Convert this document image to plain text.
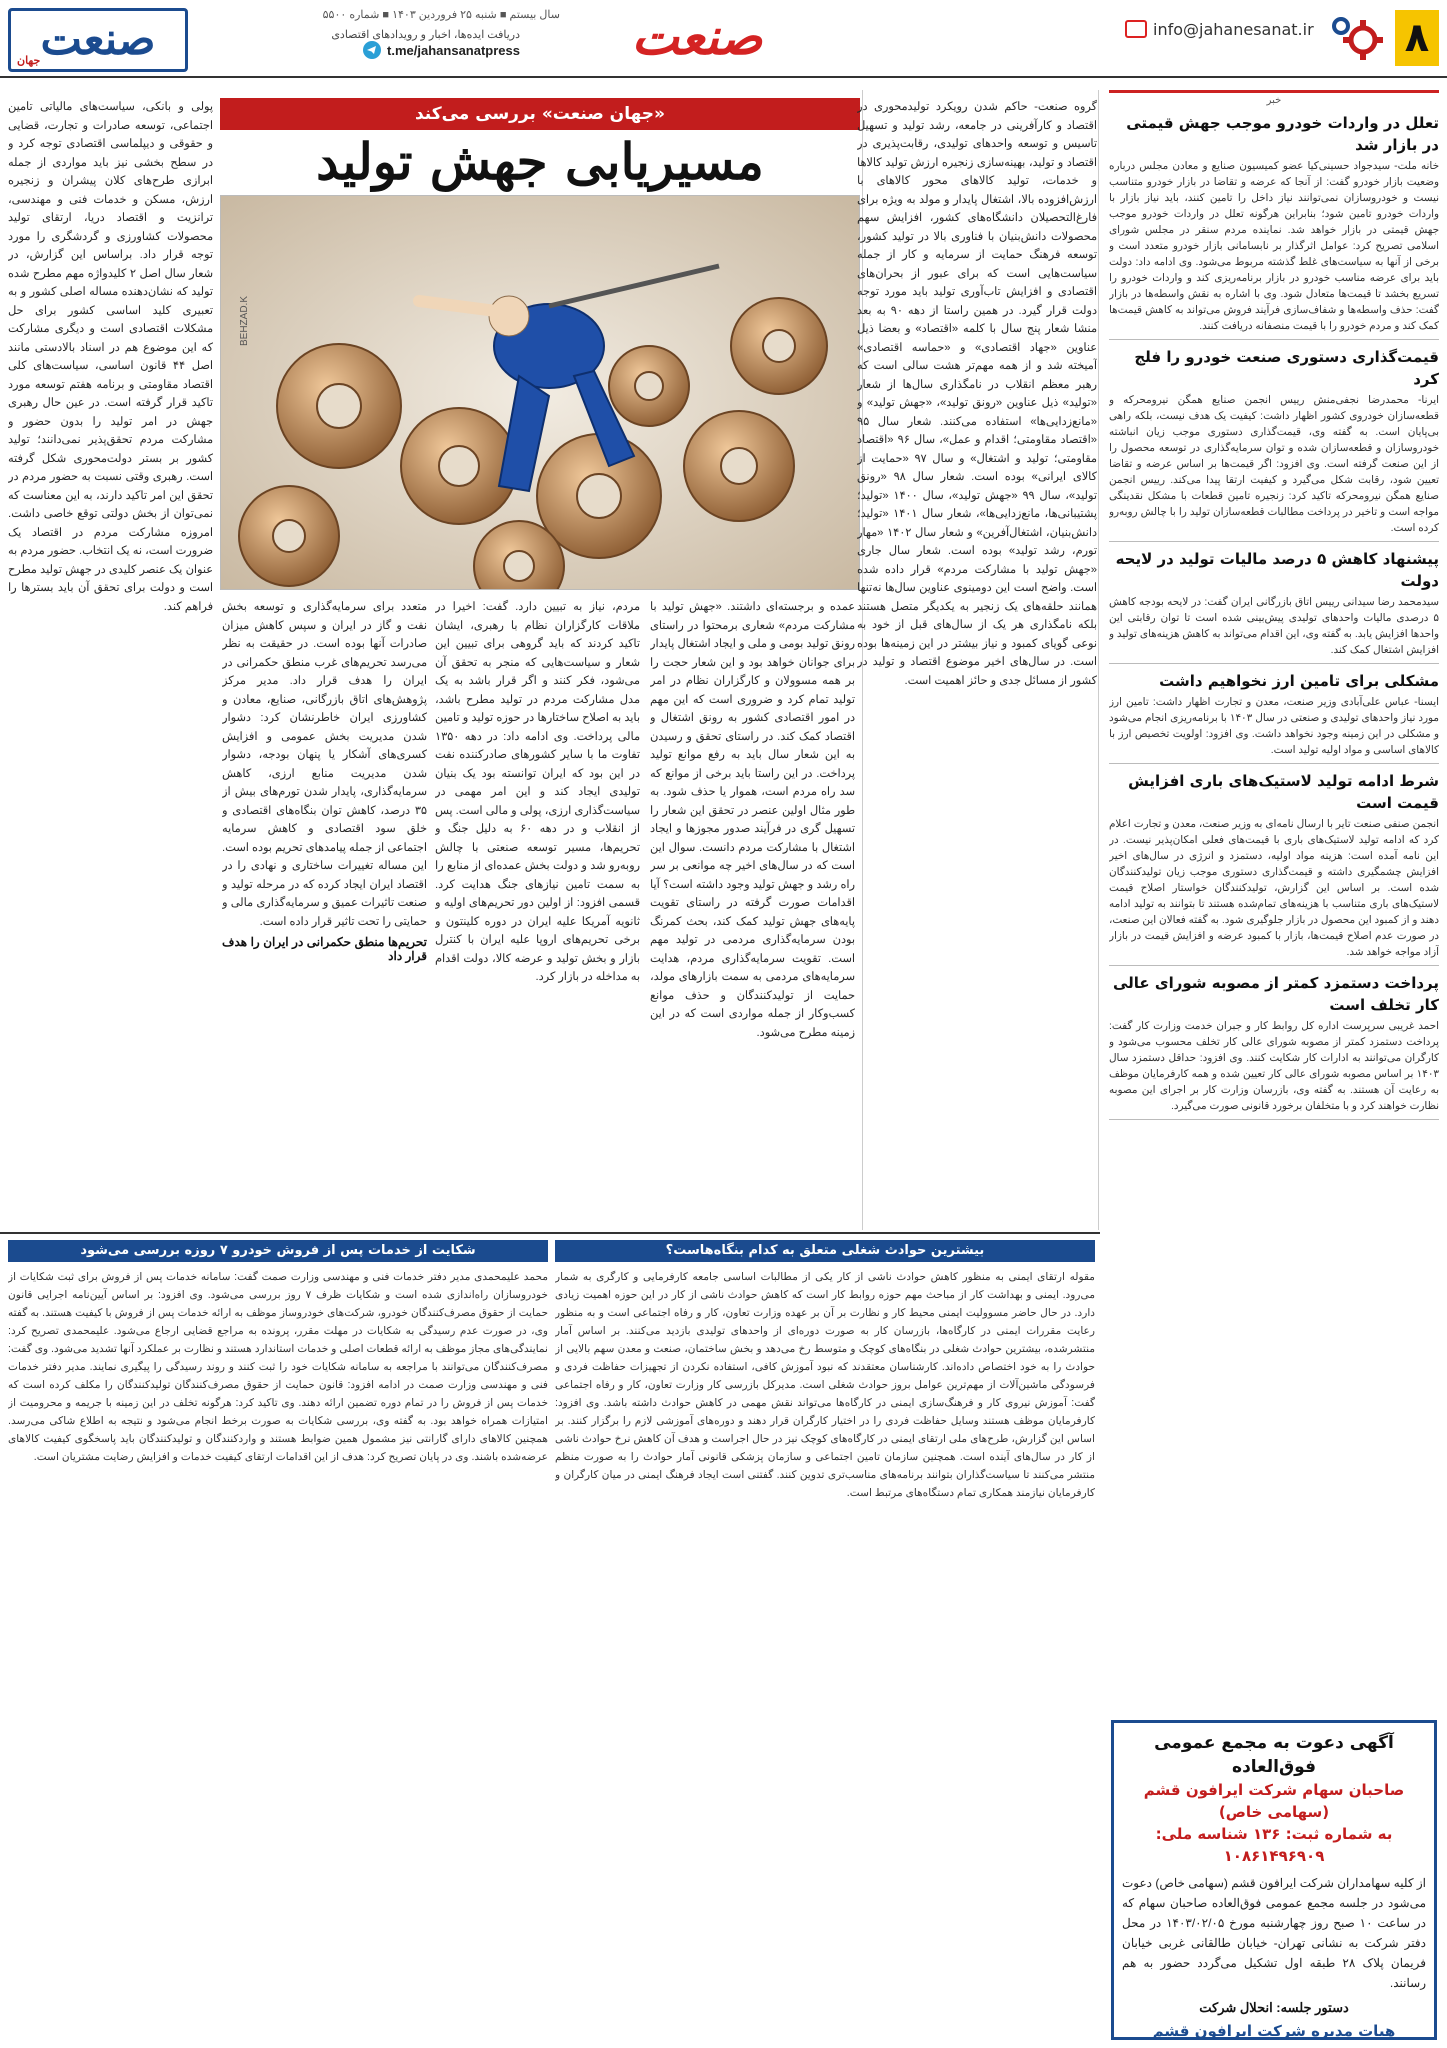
۸
info@jahanesanat.ir
صنعت
سال بیستم ■ شنبه ۲۵ فروردین ۱۴۰۳ ■ شماره ۵۵۰۰
دریافت ایده‌ها، اخبار و رویدادهای اقتصادی
t.me/jahansanatpress
صنعت
جهان
خبر
تعلل در واردات خودرو موجب جهش قیمتی در بازار شد

خانه ملت- سیدجواد حسینی‌کیا عضو کمیسیون صنایع و معادن مجلس درباره وضعیت بازار خودرو گفت: از آنجا که عرضه و تقاضا در بازار خودرو متناسب نیست و خودروسازان نمی‌توانند نیاز داخل را تامین کنند، باید نیاز بازار با واردات خودرو تامین شود؛ بنابراین هرگونه تعلل در واردات خودرو موجب جهش قیمتی در بازار خواهد شد. نماینده مردم سنقر در مجلس شورای اسلامی تصریح کرد: عوامل اثرگذار بر نابسامانی بازار خودرو متعدد است و برخی از آنها به سیاست‌های غلط گذشته مربوط می‌شود. وی ادامه داد: دولت باید برای عرضه مناسب خودرو در بازار برنامه‌ریزی کند و واردات خودرو را تسریع بخشد تا قیمت‌ها متعادل شود. وی با اشاره به نقش واسطه‌ها در بازار گفت: حذف واسطه‌ها و شفاف‌سازی فرآیند فروش می‌تواند به کاهش قیمت‌ها کمک کند و مردم خودرو را با قیمت منصفانه دریافت کنند.

قیمت‌گذاری دستوری صنعت خودرو را فلج کرد

ایرنا- محمدرضا نجفی‌منش رییس انجمن صنایع همگن نیرومحرکه و قطعه‌سازان خودروی کشور اظهار داشت: کیفیت یک هدف نیست، بلکه راهی بی‌پایان است. به گفته وی، قیمت‌گذاری دستوری موجب زیان انباشته خودروسازان و قطعه‌سازان شده و توان سرمایه‌گذاری در توسعه محصول را از این صنعت گرفته است. وی افزود: اگر قیمت‌ها بر اساس عرضه و تقاضا تعیین شود، رقابت شکل می‌گیرد و کیفیت ارتقا پیدا می‌کند. رییس انجمن صنایع همگن نیرومحرکه تاکید کرد: زنجیره تامین قطعات با مشکل نقدینگی مواجه است و تاخیر در پرداخت مطالبات قطعه‌سازان تولید را با چالش روبه‌رو کرده است.

پیشنهاد کاهش ۵ درصد مالیات تولید در لایحه دولت

سیدمحمد رضا سیدانی رییس اتاق بازرگانی ایران گفت: در لایحه بودجه کاهش ۵ درصدی مالیات واحدهای تولیدی پیش‌بینی شده است تا توان رقابتی این واحدها افزایش یابد. به گفته وی، این اقدام می‌تواند به کاهش هزینه‌های تولید و افزایش اشتغال کمک کند.

مشکلی برای تامین ارز نخواهیم داشت

ایسنا- عباس علی‌آبادی وزیر صنعت، معدن و تجارت اظهار داشت: تامین ارز مورد نیاز واحدهای تولیدی و صنعتی در سال ۱۴۰۳ با برنامه‌ریزی انجام می‌شود و مشکلی در این زمینه وجود نخواهد داشت. وی افزود: اولویت تخصیص ارز با کالاهای اساسی و مواد اولیه تولید است.

شرط ادامه تولید لاستیک‌های باری افزایش قیمت است

انجمن صنفی صنعت تایر با ارسال نامه‌ای به وزیر صنعت، معدن و تجارت اعلام کرد که ادامه تولید لاستیک‌های باری با قیمت‌های فعلی امکان‌پذیر نیست. در این نامه آمده است: هزینه مواد اولیه، دستمزد و انرژی در سال‌های اخیر افزایش چشمگیری داشته و قیمت‌گذاری دستوری موجب زیان تولیدکنندگان شده است. بر اساس این گزارش، تولیدکنندگان خواستار اصلاح قیمت لاستیک‌های باری متناسب با هزینه‌های تمام‌شده هستند تا بتوانند به تولید ادامه دهند و از کمبود این محصول در بازار جلوگیری شود. به گفته فعالان این صنعت، در صورت عدم اصلاح قیمت‌ها، بازار با کمبود عرضه و افزایش قیمت در بازار آزاد مواجه خواهد شد.

پرداخت دستمزد کمتر از مصوبه شورای عالی کار تخلف است

احمد غریبی سرپرست اداره کل روابط کار و جبران خدمت وزارت کار گفت: پرداخت دستمزد کمتر از مصوبه شورای عالی کار تخلف محسوب می‌شود و کارگران می‌توانند به ادارات کار شکایت کنند. وی افزود: حداقل دستمزد سال ۱۴۰۳ بر اساس مصوبه شورای عالی کار تعیین شده و همه کارفرمایان موظف به رعایت آن هستند. به گفته وی، بازرسان وزارت کار بر اجرای این مصوبه نظارت خواهند کرد و با متخلفان برخورد قانونی صورت می‌گیرد.

آگهی دعوت به مجمع عمومی فوق‌العاده
صاحبان سهام شرکت ایرافون قشم (سهامی خاص)
به شماره ثبت: ۱۳۶ شناسه ملی: ۱۰۸۶۱۴۹۶۹۰۹
از کلیه سهامداران شرکت ایرافون قشم (سهامی خاص) دعوت می‌شود در جلسه مجمع عمومی فوق‌العاده صاحبان سهام که در ساعت ۱۰ صبح روز چهارشنبه مورخ ۱۴۰۳/۰۲/۰۵ در محل دفتر شرکت به نشانی تهران- خیابان طالقانی غربی خیابان فریمان پلاک ۲۸ طبقه اول تشکیل می‌گردد حضور به هم رسانند.
دستور جلسه: انحلال شرکت
هیات مدیره شرکت ایرافون قشم
«جهان صنعت» بررسی می‌کند
مسیریابی جهش تولید
BEHZAD.K

گروه صنعت- حاکم شدن رویکرد تولیدمحوری در اقتصاد و کارآفرینی در جامعه، رشد تولید و تسهیل تاسیس و توسعه واحدهای تولیدی، رقابت‌پذیری در اقتصاد و تولید، بهینه‌سازی زنجیره ارزش تولید کالاها و خدمات، تولید کالاهای محور کالاهای با ارزش‌افزوده بالا، اشتغال پایدار و مولد به ویژه برای فارغ‌التحصیلان دانشگاه‌های کشور، افزایش سهم محصولات دانش‌بنیان با فناوری بالا در تولید کشور، توسعه فرهنگ حمایت از سرمایه و کار از جمله سیاست‌هایی است که برای عبور از بحران‌های اقتصادی و افزایش تاب‌آوری تولید باید مورد توجه دولت قرار گیرد. در همین راستا از دهه ۹۰ به بعد منشا شعار پنج سال با کلمه «اقتصاد» و بعضا ذیل عناوین «جهاد اقتصادی» و «حماسه اقتصادی» آمیخته شد و از همه مهم‌تر هشت سالی است که رهبر معظم انقلاب در نامگذاری سال‌ها از شعار «تولید» ذیل عناوین «رونق تولید»، «جهش تولید» و «مانع‌زدایی‌ها» استفاده می‌کنند. شعار سال ۹۵ «اقتصاد مقاومتی؛ اقدام و عمل»، سال ۹۶ «اقتصاد مقاومتی؛ تولید و اشتغال» و سال ۹۷ «حمایت از کالای ایرانی» بوده است. شعار سال ۹۸ «رونق تولید»، سال ۹۹ «جهش تولید»، سال ۱۴۰۰ «تولید؛ پشتیبانی‌ها، مانع‌زدایی‌ها»، شعار سال ۱۴۰۱ «تولید؛ دانش‌بنیان، اشتغال‌آفرین» و شعار سال ۱۴۰۲ «مهار تورم، رشد تولید» بوده است. شعار سال جاری «جهش تولید با مشارکت مردم» قرار داده شده است. واضح است این دومینوی عناوین سال‌ها نه‌تنها همانند حلقه‌های یک زنجیر به یکدیگر متصل هستند بلکه نامگذاری هر یک از سال‌های قبل از خود به نوعی گویای کمبود و نیاز بیشتر در این زمینه‌ها بوده است. در سال‌های اخیر موضوع اقتصاد و تولید در کشور از مسائل جدی و حائز اهمیت است.

پولی و بانکی، سیاست‌های مالیاتی تامین اجتماعی، توسعه صادرات و تجارت، قضایی و حقوقی و دیپلماسی اقتصادی توجه کرد و در سطح بخشی نیز باید مواردی از جمله ابرازی طرح‌های کلان پیشران و زنجیره ارزش، مسکن و خدمات فنی و مهندسی، ترانزیت و اقتصاد دریا، ارتقای تولید محصولات کشاورزی و گردشگری را مورد توجه قرار داد. براساس این گزارش، در شعار سال اصل ۲ کلیدواژه مهم مطرح شده تولید که نشان‌دهنده مساله اصلی کشور و به تعبیری کلید اساسی کشور برای حل مشکلات اقتصادی است و دیگری مشارکت که این موضوع هم در اسناد بالادستی مانند اصل ۴۴ قانون اساسی، سیاست‌های کلی اقتصاد مقاومتی و برنامه هفتم توسعه مورد تاکید قرار گرفته است. در عین حال رهبری جهش در امر تولید را بدون حضور و مشارکت مردم تحقق‌پذیر نمی‌دانند؛ تولید کشور بر بستر دولت‌محوری شکل گرفته است. رهبری وقتی نسبت به حضور مردم در تحقق این امر تاکید دارند، به این معناست که نمی‌توان از بخش دولتی توقع خاصی داشت. امروزه مشارکت مردم در اقتصاد یک ضرورت است، نه یک انتخاب. حضور مردم به عنوان یک عنصر کلیدی در جهش تولید مطرح است و دولت برای تحقق آن باید بسترها را فراهم کند.	عمده و برجسته‌ای داشتند. «جهش تولید با مشارکت مردم» شعاری برمحتوا در راستای رونق تولید بومی و ملی و ایجاد اشتغال پایدار برای جوانان خواهد بود و این شعار حجت را بر همه مسوولان و کارگزاران نظام در امر تولید تمام کرد و ضروری است که این مهم در امور اقتصادی کشور به رونق اشتغال و اقتصاد کمک کند. در راستای تحقق و رسیدن به این شعار سال باید به رفع موانع تولید پرداخت. در این راستا باید برخی از موانع که سد راه مردم است، هموار یا حذف شود. به طور مثال اولین عنصر در تحقق این شعار را تسهیل گری در فرآیند صدور مجوزها و ایجاد اشتغال با مشارکت مردم دانست. سوال این است که در سال‌های اخیر چه موانعی بر سر راه رشد و جهش تولید وجود داشته است؟ آیا اقدامات صورت گرفته در راستای تقویت پایه‌های جهش تولید کمک کند، بحث کمرنگ بودن سرمایه‌گذاری مردمی در تولید مهم است. تقویت سرمایه‌گذاری مردم، هدایت سرمایه‌های مردمی به سمت بازارهای مولد، حمایت از تولیدکنندگان و حذف موانع کسب‌وکار از جمله مواردی است که در این زمینه مطرح می‌شود.

مردم، نیاز به تبیین دارد. گفت: اخیرا در ملاقات کارگزاران نظام با رهبری، ایشان تاکید کردند که باید گروهی برای تبیین این شعار و سیاست‌هایی که منجر به تحقق آن می‌شود، فکر کنند و اگر قرار باشد به یک مدل مشارکت مردم در تولید مطرح باشد، باید به اصلاح ساختارها در حوزه تولید و تامین مالی پرداخت. وی ادامه داد: در دهه ۱۳۵۰ تفاوت ما با سایر کشورهای صادرکننده نفت در این بود که ایران توانسته بود یک بنیان تولیدی ایجاد کند و این امر مهمی در سیاست‌گذاری ارزی، پولی و مالی است. پس از انقلاب و در دهه ۶۰ به دلیل جنگ و تحریم‌ها، مسیر توسعه صنعتی با چالش روبه‌رو شد و دولت بخش عمده‌ای از منابع را به سمت تامین نیازهای جنگ هدایت کرد. قسمی افزود: از اولین دور تحریم‌های اولیه و ثانویه آمریکا علیه ایران در دوره کلینتون و برخی تحریم‌های اروپا علیه ایران با کنترل بازار و بخش تولید و عرضه کالا، دولت اقدام به مداخله در بازار کرد.

متعدد برای سرمایه‌گذاری و توسعه بخش نفت و گاز در ایران و سپس کاهش میزان صادرات آنها بوده است. در حقیقت به نظر می‌رسد تحریم‌های غرب منطق حکمرانی در ایران را هدف قرار داد. مدیر مرکز پژوهش‌های اتاق بازرگانی، صنایع، معادن و کشاورزی ایران خاطرنشان کرد: دشوار شدن مدیریت بخش عمومی و افزایش کسری‌های آشکار یا پنهان بودجه، دشوار شدن مدیریت منابع ارزی، کاهش سرمایه‌گذاری، پایدار شدن تورم‌های بیش از ۳۵ درصد، کاهش توان بنگاه‌های اقتصادی و خلق سود اقتصادی و کاهش سرمایه اجتماعی از جمله پیامدهای تحریم بوده است. این مساله تغییرات ساختاری و نهادی را در اقتصاد ایران ایجاد کرده که در مرحله تولید و صنعت تاثیرات عمیق و سرمایه‌گذاری مالی و حمایتی را تحت تاثیر قرار داده است.

تحریم‌ها منطق حکمرانی در ایران را هدف قرار داد
بیشترین حوادث شغلی متعلق به کدام بنگاه‌هاست؟
مقوله ارتقای ایمنی به منظور کاهش حوادث ناشی از کار یکی از مطالبات اساسی جامعه کارفرمایی و کارگری به شمار می‌رود. ایمنی و بهداشت کار از مباحث مهم حوزه روابط کار است که کاهش حوادث ناشی از کار در این حوزه اهمیت زیادی دارد. در حال حاضر مسوولیت ایمنی محیط کار و نظارت بر آن بر عهده وزارت تعاون، کار و رفاه اجتماعی است و به منظور رعایت مقررات ایمنی در کارگاه‌ها، بازرسان کار به صورت دوره‌ای از واحدهای تولیدی بازدید می‌کنند. بر اساس آمار منتشرشده، بیشترین حوادث شغلی در بنگاه‌های کوچک و متوسط رخ می‌دهد و بخش ساختمان، صنعت و معدن سهم بالایی از حوادث را به خود اختصاص داده‌اند. کارشناسان معتقدند که نبود آموزش کافی، استفاده نکردن از تجهیزات حفاظت فردی و فرسودگی ماشین‌آلات از مهم‌ترین عوامل بروز حوادث شغلی است. مدیرکل بازرسی کار وزارت تعاون، کار و رفاه اجتماعی گفت: آموزش نیروی کار و فرهنگ‌سازی ایمنی در کارگاه‌ها می‌تواند نقش مهمی در کاهش حوادث داشته باشد. وی افزود: کارفرمایان موظف هستند وسایل حفاظت فردی را در اختیار کارگران قرار دهند و دوره‌های آموزشی لازم را برگزار کنند. بر اساس این گزارش، طرح‌های ملی ارتقای ایمنی در کارگاه‌های کوچک نیز در حال اجراست و هدف آن کاهش نرخ حوادث ناشی از کار در سال‌های آینده است. همچنین سازمان تامین اجتماعی و سازمان پزشکی قانونی آمار حوادث را به صورت منظم منتشر می‌کنند تا سیاست‌گذاران بتوانند برنامه‌های مناسب‌تری تدوین کنند. گفتنی است ایجاد فرهنگ ایمنی در میان کارگران و کارفرمایان نیازمند همکاری تمام دستگاه‌های مرتبط است.
شکایت از خدمات پس از فروش خودرو ۷ روزه بررسی می‌شود
محمد علیمحمدی مدیر دفتر خدمات فنی و مهندسی وزارت صمت گفت: سامانه خدمات پس از فروش برای ثبت شکایات از خودروسازان راه‌اندازی شده است و شکایات ظرف ۷ روز بررسی می‌شود. وی افزود: بر اساس آیین‌نامه اجرایی قانون حمایت از حقوق مصرف‌کنندگان خودرو، شرکت‌های خودروساز موظف به ارائه خدمات پس از فروش با کیفیت هستند. به گفته وی، در صورت عدم رسیدگی به شکایات در مهلت مقرر، پرونده به مراجع قضایی ارجاع می‌شود. علیمحمدی تصریح کرد: نمایندگی‌های مجاز موظف به ارائه قطعات اصلی و خدمات استاندارد هستند و نظارت بر عملکرد آنها تشدید می‌شود. وی گفت: مصرف‌کنندگان می‌توانند با مراجعه به سامانه شکایات خود را ثبت کنند و روند رسیدگی را پیگیری نمایند. مدیر دفتر خدمات فنی و مهندسی وزارت صمت در ادامه افزود: قانون حمایت از حقوق مصرف‌کنندگان تولیدکنندگان را مکلف کرده است که خدمات پس از فروش را در تمام دوره تضمین ارائه دهند. وی تاکید کرد: هرگونه تخلف در این زمینه با جریمه و محرومیت از امتیازات همراه خواهد بود. به گفته وی، بررسی شکایات به صورت برخط انجام می‌شود و نتیجه به اطلاع شاکی می‌رسد. همچنین کالاهای دارای گارانتی نیز مشمول همین ضوابط هستند و وارد‌کنندگان و تولیدکنندگان باید پاسخگوی کیفیت کالاهای عرضه‌شده باشند. وی در پایان تصریح کرد: هدف از این اقدامات ارتقای کیفیت خدمات و افزایش رضایت مشتریان است.
